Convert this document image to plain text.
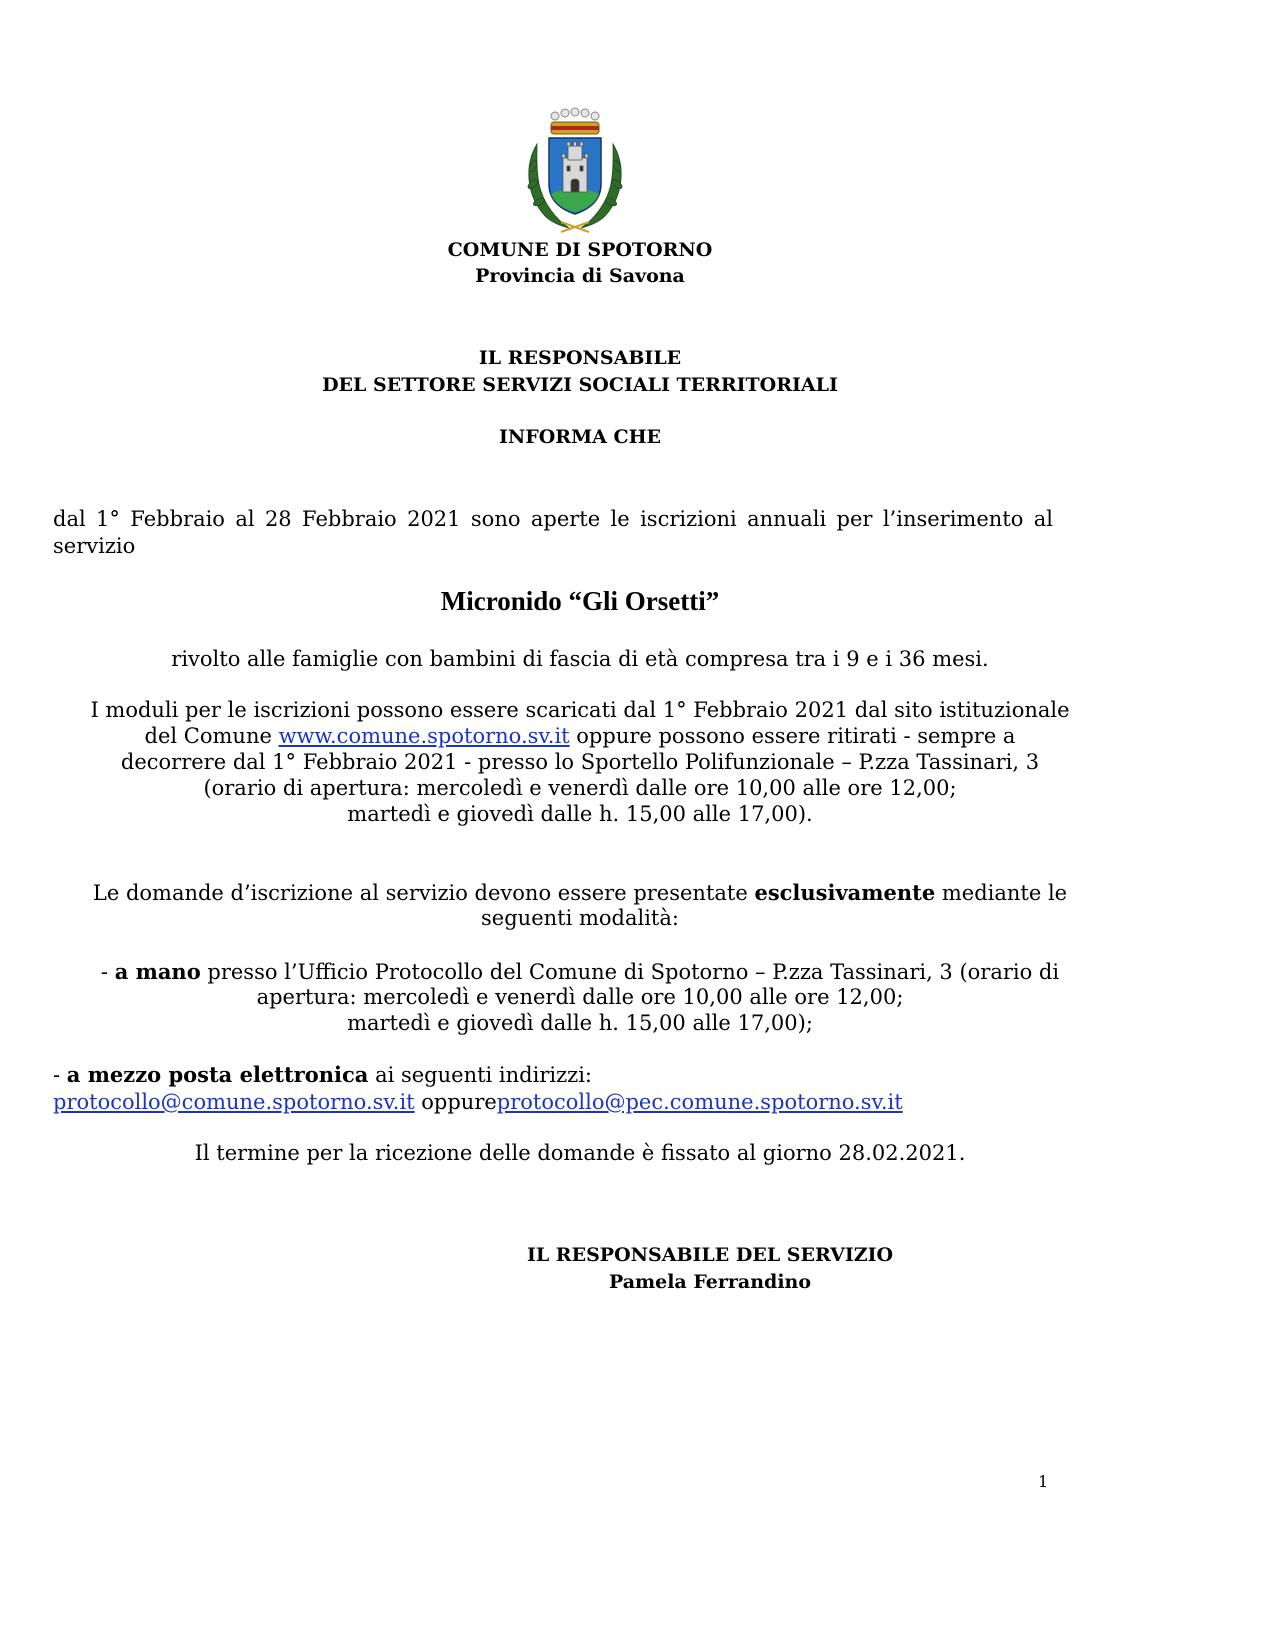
COMUNE DI SPOTORNO
Provincia di Savona
IL RESPONSABILE
DEL SETTORE SERVIZI SOCIALI TERRITORIALI
INFORMA CHE
dal 1° Febbraio al 28 Febbraio 2021 sono aperte le iscrizioni annuali per l’inserimento al servizio
Micronido “Gli Orsetti”
rivolto alle famiglie con bambini di fascia di età compresa tra i 9 e i 36 mesi.
I moduli per le iscrizioni possono essere scaricati dal 1° Febbraio 2021 dal sito istituzionale
del Comune www.comune.spotorno.sv.it oppure possono essere ritirati - sempre a
decorrere dal 1° Febbraio 2021 - presso lo Sportello Polifunzionale – P.zza Tassinari, 3
(orario di apertura: mercoledì e venerdì dalle ore 10,00 alle ore 12,00;
martedì e giovedì dalle h. 15,00 alle 17,00).
Le domande d’iscrizione al servizio devono essere presentate esclusivamente mediante le
seguenti modalità:
- a mano presso l’Ufficio Protocollo del Comune di Spotorno – P.zza Tassinari, 3 (orario di
apertura: mercoledì e venerdì dalle ore 10,00 alle ore 12,00;
martedì e giovedì dalle h. 15,00 alle 17,00);
- a mezzo posta elettronica ai seguenti indirizzi:
protocollo@comune.spotorno.sv.it oppureprotocollo@pec.comune.spotorno.sv.it
Il termine per la ricezione delle domande è fissato al giorno 28.02.2021.
IL RESPONSABILE DEL SERVIZIO
Pamela Ferrandino
1
